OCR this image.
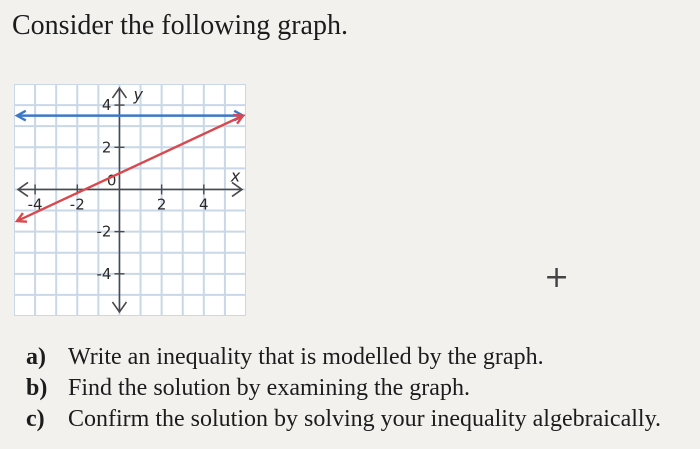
Consider the following graph.
-4 -2	2 4
4
2
-2
-4
0	x
y
+
a) Write an inequality that is modelled by the graph.
b) Find the solution by examining the graph.
c) Confirm the solution by solving your inequality algebraically.
